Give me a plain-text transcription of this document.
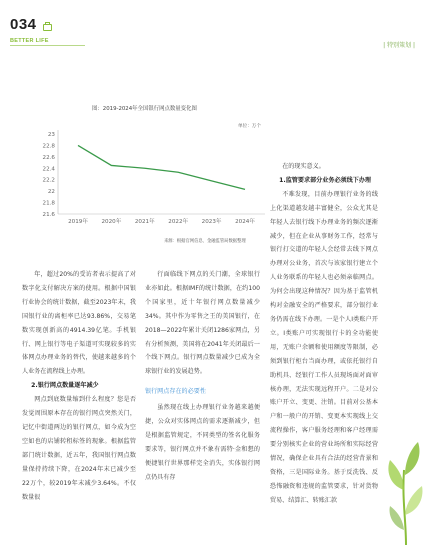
034
BETTER LIFE
| 特别策划 |
图：2019-2024年全国银行网点数量变化图
单位：万个
23
22.8
22.6
22.4
22.2
22
21.8
21.6
2019年 2020年 2021年 2022年 2023年 2024年
来源：根据官网信息、金融监管局数据整理

年，超过20%的受访者表示提高了对数字化支付解决方案的使用。根据中国银行业协会的统计数据，截至2023年末，我国银行业的离柜率已达93.86%，交易笔数实现创新高的4914.39亿笔。手机银行、网上银行等电子渠道可实现较多的实体网点办理业务的替代，使越来越多的个人业务在流程线上办理。

2.银行网点数量逐年减少

网点到底数量缩到什么程度？您是否发觉周围原本存在的银行网点突然关门，记忆中街道两边的银行网点，如今成为空空如也的店铺转租标签的现象。根据监管部门统计数据，近五年，我国银行网点数量保持持续下降，在2024年末已减少至22万个，较2019年末减少3.64%。不仅数量很

行面临线下网点的关门潮，全球银行业亦如此。根据IMF的统计数据，在约100个国家里，近十年银行网点数量减少34%。其中作为零售之王的美国银行，在2018—2022年累计关闭1286家网点，另有分析预测，美国将在2041年关闭最后一个线下网点。银行网点数量减少已成为全球银行业的发展趋势。

银行网点存在的必要性

虽然现在线上办理银行业务越来越便捷，公众对实体网点的需求逐渐减少，但是根据监管规定，不同类型的签名化服务要求等，银行网点并不象有需特·金和想的便捷银行世界那样完全消失，实体银行网点仍具有存

在的现实意义。

1.监管要求部分业务必须线下办理

不难发现，目前办理银行业务的线上化渠道越发越丰富健全，公众尤其是年轻人去银行线下办理业务的频次逐渐减少，但在企业从事财务工作，经常与银行打交道的年轻人会经常去线下网点办理对公业务，首次与该家银行建立个人业务联系的年轻人也必须亲临网点。为何会出现这种情况？因为基于监管机构对金融安全的严格要求，部分银行业务仍需在线下办理。一是个人Ⅰ类账户开立。Ⅰ类账户可实现银行卡的全功能使用，无账户余额和使用额度等限制，必须到银行柜台当面办理，或依托银行自助机具、经银行工作人员现场面对面审核办理，无法实现远程开户。二是对公账户开立、变更、注销。目前对公基本户和一般户的开销、变更本实现线上交流程操作，客户服务经理和客户经理需要分别核实企业的营业场所和实际经营情况，确保企业具有合法的经营背景和资格，三是国际业务。基于反洗钱、反恐怖融资和违规的监管要求，针对货物贸易、结算汇、转账汇款
